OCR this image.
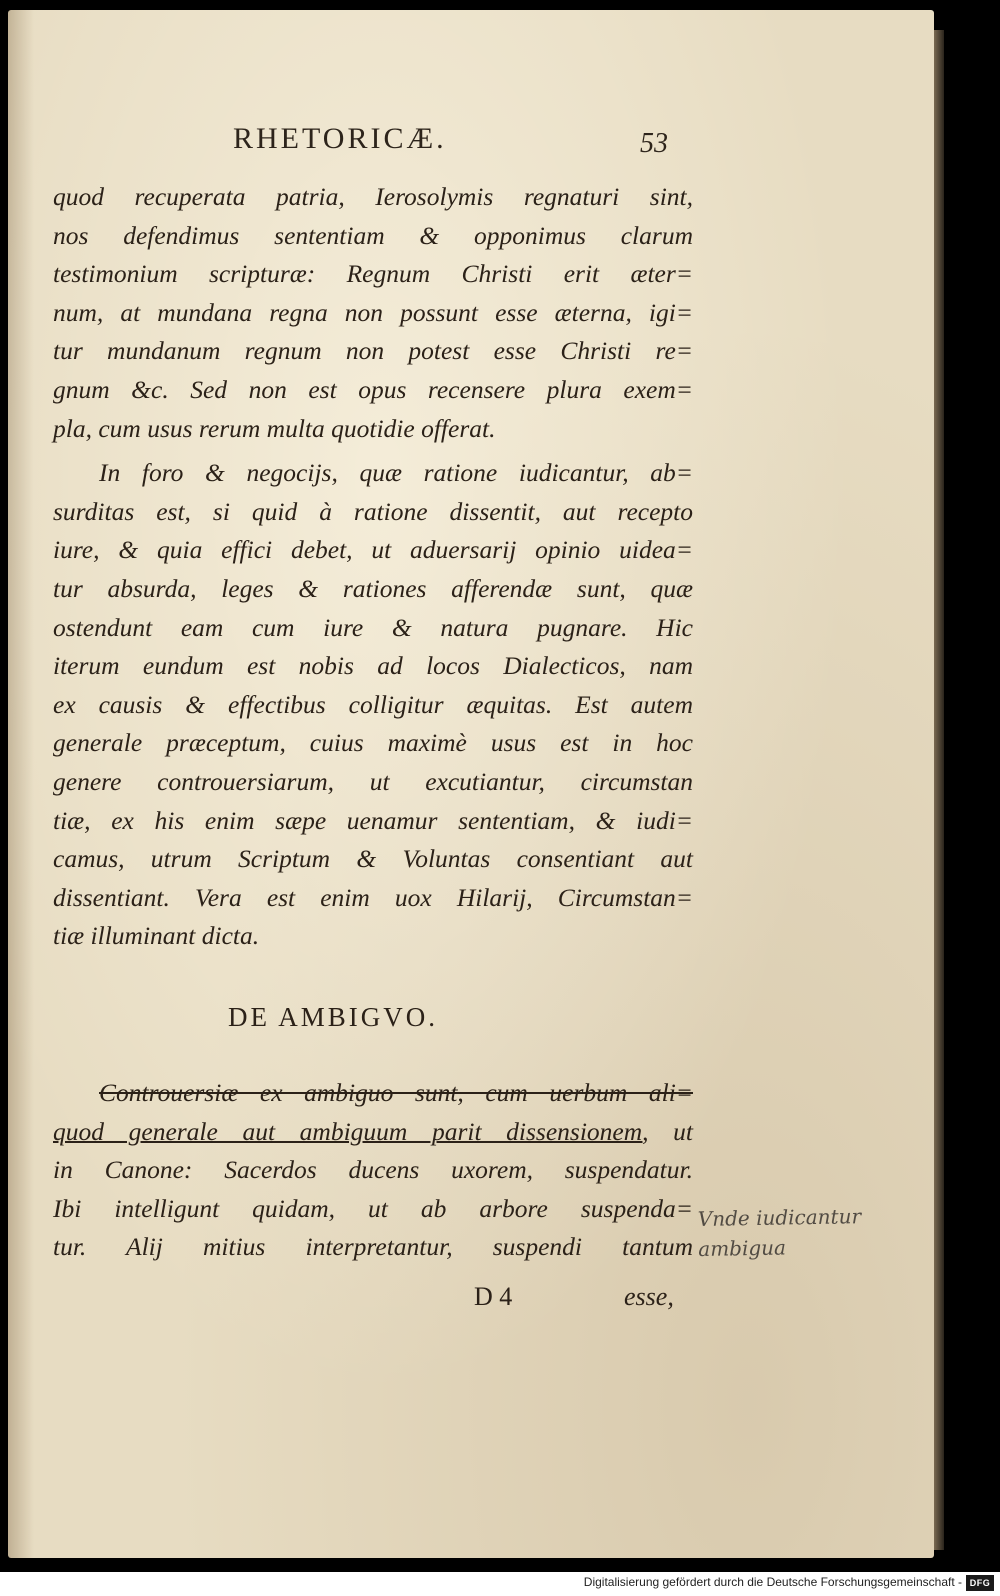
RHETORICÆ.	53
quod recuperata patria, Ierosolymis regnaturi sint,
nos defendimus sententiam & opponimus clarum
testimonium scripturæ: Regnum Christi erit æter=
num, at mundana regna non possunt esse æterna, igi=
tur mundanum regnum non potest esse Christi re=
gnum &c. Sed non est opus recensere plura exem=
pla, cum usus rerum multa quotidie offerat.
In foro & negocijs, quæ ratione iudicantur, ab=
surditas est, si quid à ratione dissentit, aut recepto
iure, & quia effici debet, ut aduersarij opinio uidea=
tur absurda, leges & rationes afferendæ sunt, quæ
ostendunt eam cum iure & natura pugnare. Hic
iterum eundum est nobis ad locos Dialecticos, nam
ex causis & effectibus colligitur æquitas. Est autem
generale præceptum, cuius maximè usus est in hoc
genere controuersiarum, ut excutiantur, circumstan
tiæ, ex his enim sæpe uenamur sententiam, & iudi=
camus, utrum Scriptum & Voluntas consentiant aut
dissentiant. Vera est enim uox Hilarij, Circumstan=
tiæ illuminant dicta.
DE AMBIGVO.
Controuersiæ ex ambiguo sunt, cum uerbum ali=
quod generale aut ambiguum parit dissensionem, ut
in Canone: Sacerdos ducens uxorem, suspendatur.
Ibi intelligunt quidam, ut ab arbore suspenda=
tur. Alij mitius interpretantur, suspendi tantum
D 4	esse,
Vnde iudicantur
ambigua
Digitalisierung gefördert durch die Deutsche Forschungsgemeinschaft - DFG
